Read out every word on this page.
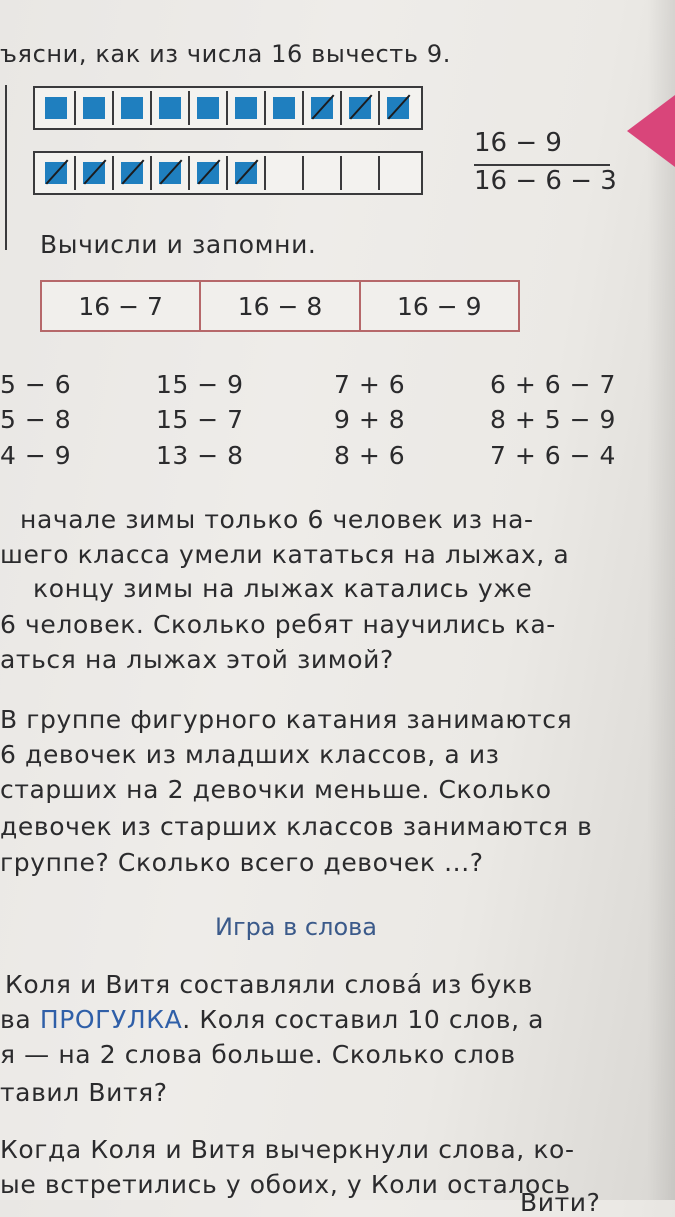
ъясни, как из числа 16 вычесть 9.
16 − 9
16 − 6 − 3
Вычисли и запомни.
16 − 7	16 − 8	16 − 9
5 − 6
5 − 8
4 − 9
15 − 9
15 − 7
13 − 8
7 + 6
9 + 8
8 + 6
6 + 6 − 7
8 + 5 − 9
7 + 6 − 4
начале зимы только 6 человек из на-
шего класса умели кататься на лыжах, а
концу зимы на лыжах катались уже
6 человек. Сколько ребят научились ка-
аться на лыжах этой зимой?
В группе фигурного катания занимаются
6 девочек из младших классов, а из
старших на 2 девочки меньше. Сколько
девочек из старших классов занимаются в
группе? Сколько всего девочек ...?
Игра в слова
Коля и Витя составляли слова́ из букв
ва ПРОГУЛКА. Коля составил 10 слов, а
я — на 2 слова больше. Сколько слов
тавил Витя?
Когда Коля и Витя вычеркнули слова, ко-
ые встретились у обоих, у Коли осталось
Вити?
